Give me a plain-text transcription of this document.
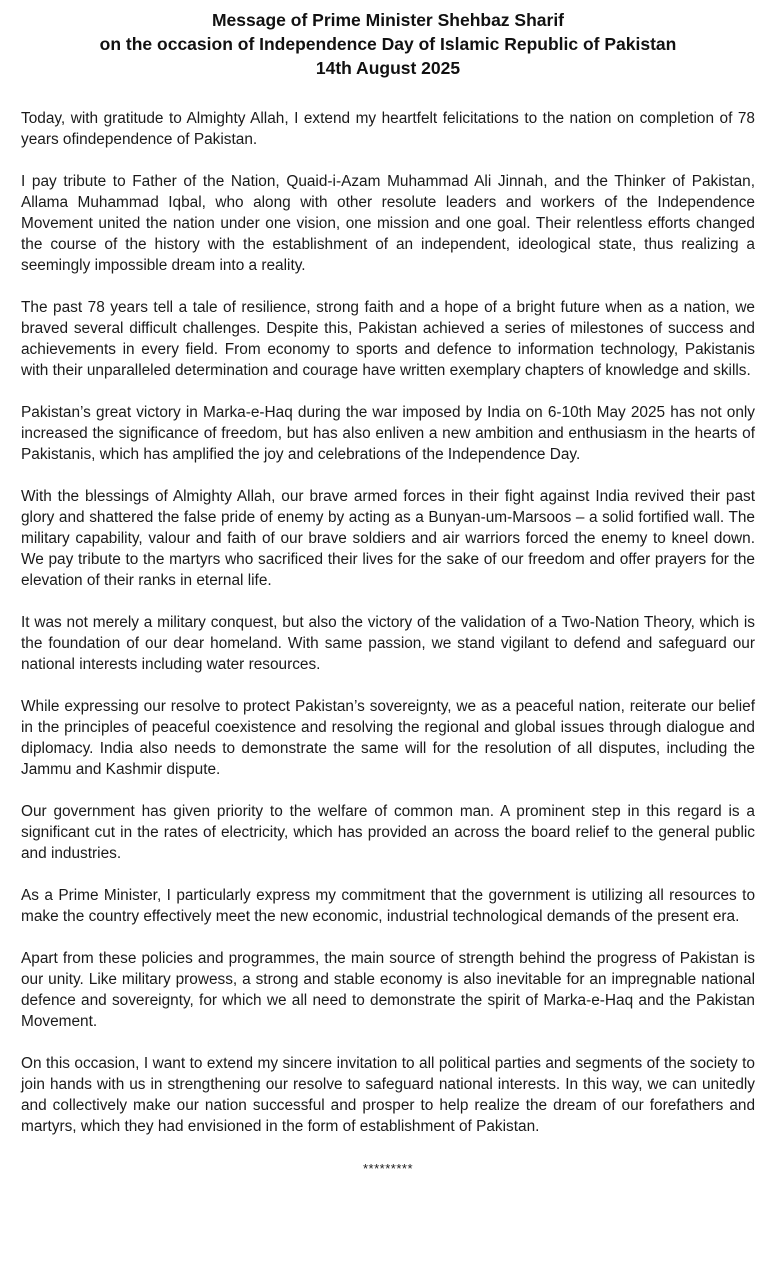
Message of Prime Minister Shehbaz Sharif
on the occasion of Independence Day of Islamic Republic of Pakistan
14th August 2025

Today, with gratitude to Almighty Allah, I extend my heartfelt felicitations to the nation on completion of 78 years ofindependence of Pakistan.

I pay tribute to Father of the Nation, Quaid-i-Azam Muhammad Ali Jinnah, and the Thinker of Pakistan, Allama Muhammad Iqbal, who along with other resolute leaders and workers of the Independence Movement united the nation under one vision, one mission and one goal. Their relentless efforts changed the course of the history with the establishment of an independent, ideological state, thus realizing a seemingly impossible dream into a reality.

The past 78 years tell a tale of resilience, strong faith and a hope of a bright future when as a nation, we braved several difficult challenges. Despite this, Pakistan achieved a series of milestones of success and achievements in every field. From economy to sports and defence to information technology, Pakistanis with their unparalleled determination and courage have written exemplary chapters of knowledge and skills.

Pakistan’s great victory in Marka-e-Haq during the war imposed by India on 6-10th May 2025 has not only increased the significance of freedom, but has also enliven a new ambition and enthusiasm in the hearts of Pakistanis, which has amplified the joy and celebrations of the Independence Day.

With the blessings of Almighty Allah, our brave armed forces in their fight against India revived their past glory and shattered the false pride of enemy by acting as a Bunyan-um-Marsoos – a solid fortified wall. The military capability, valour and faith of our brave soldiers and air warriors forced the enemy to kneel down. We pay tribute to the martyrs who sacrificed their lives for the sake of our freedom and offer prayers for the elevation of their ranks in eternal life.

It was not merely a military conquest, but also the victory of the validation of a Two-Nation Theory, which is the foundation of our dear homeland. With same passion, we stand vigilant to defend and safeguard our national interests including water resources.

While expressing our resolve to protect Pakistan’s sovereignty, we as a peaceful nation, reiterate our belief in the principles of peaceful coexistence and resolving the regional and global issues through dialogue and diplomacy. India also needs to demonstrate the same will for the resolution of all disputes, including the Jammu and Kashmir dispute.

Our government has given priority to the welfare of common man. A prominent step in this regard is a significant cut in the rates of electricity, which has provided an across the board relief to the general public and industries.

As a Prime Minister, I particularly express my commitment that the government is utilizing all resources to make the country effectively meet the new economic, industrial technological demands of the present era.

Apart from these policies and programmes, the main source of strength behind the progress of Pakistan is our unity. Like military prowess, a strong and stable economy is also inevitable for an impregnable national defence and sovereignty, for which we all need to demonstrate the spirit of Marka-e-Haq and the Pakistan Movement.

On this occasion, I want to extend my sincere invitation to all political parties and segments of the society to join hands with us in strengthening our resolve to safeguard national interests. In this way, we can unitedly and collectively make our nation successful and prosper to help realize the dream of our forefathers and martyrs, which they had envisioned in the form of establishment of Pakistan.

*********
